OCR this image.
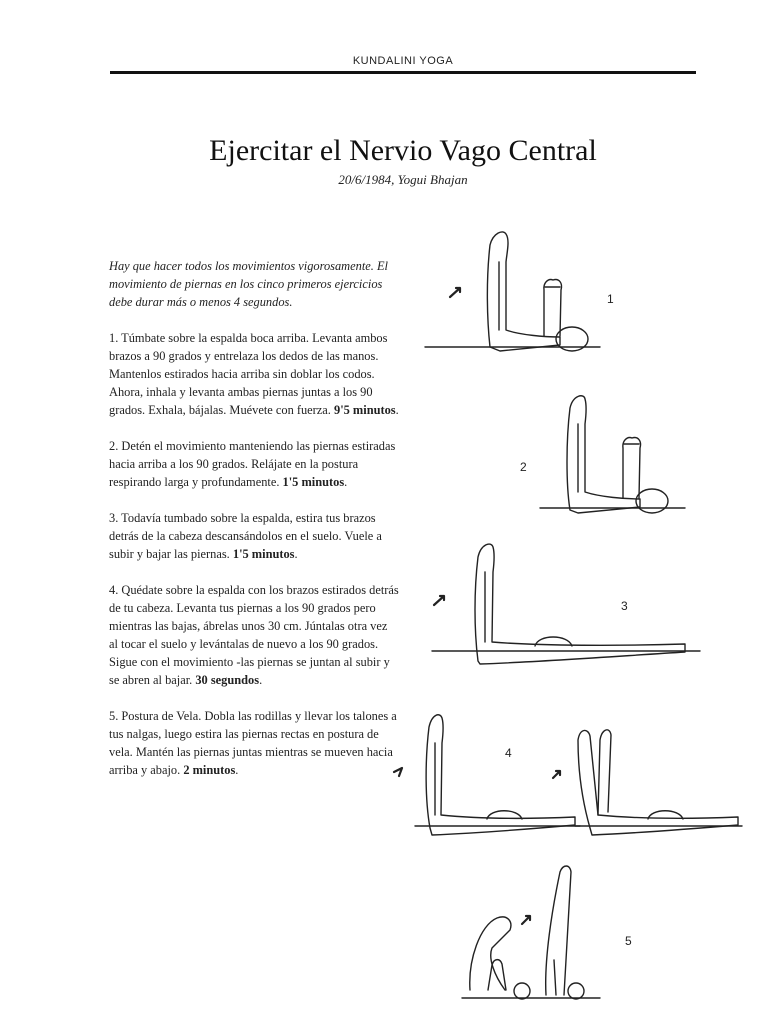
KUNDALINI YOGA
Ejercitar el Nervio Vago Central
20/6/1984, Yogui Bhajan

Hay que hacer todos los movimientos vigorosamente. El movimiento de piernas en los cinco primeros ejercicios debe durar más o menos 4 segundos.

1. Túmbate sobre la espalda boca arriba. Levanta ambos brazos a 90 grados y entrelaza los dedos de las manos. Mantenlos estirados hacia arriba sin doblar los codos. Ahora, inhala y levanta ambas piernas juntas a los 90 grados. Exhala, bájalas. Muévete con fuerza. 9'5 minutos.

2. Detén el movimiento manteniendo las piernas estiradas hacia arriba a los 90 grados. Relájate en la postura respirando larga y profundamente. 1'5 minutos.

3. Todavía tumbado sobre la espalda, estira tus brazos detrás de la cabeza descansándolos en el suelo. Vuele a subir y bajar las piernas. 1'5 minutos.

4. Quédate sobre la espalda con los brazos estirados detrás de tu cabeza. Levanta tus piernas a los 90 grados pero mientras las bajas, ábrelas unos 30 cm. Júntalas otra vez al tocar el suelo y levántalas de nuevo a los 90 grados. Sigue con el movimiento -las piernas se juntan al subir y se abren al bajar. 30 segundos.

5. Postura de Vela. Dobla las rodillas y llevar los talones a tus nalgas, luego estira las piernas rectas en postura de vela. Mantén las piernas juntas mientras se mueven hacia arriba y abajo. 2 minutos.

1
2
3
4
5
